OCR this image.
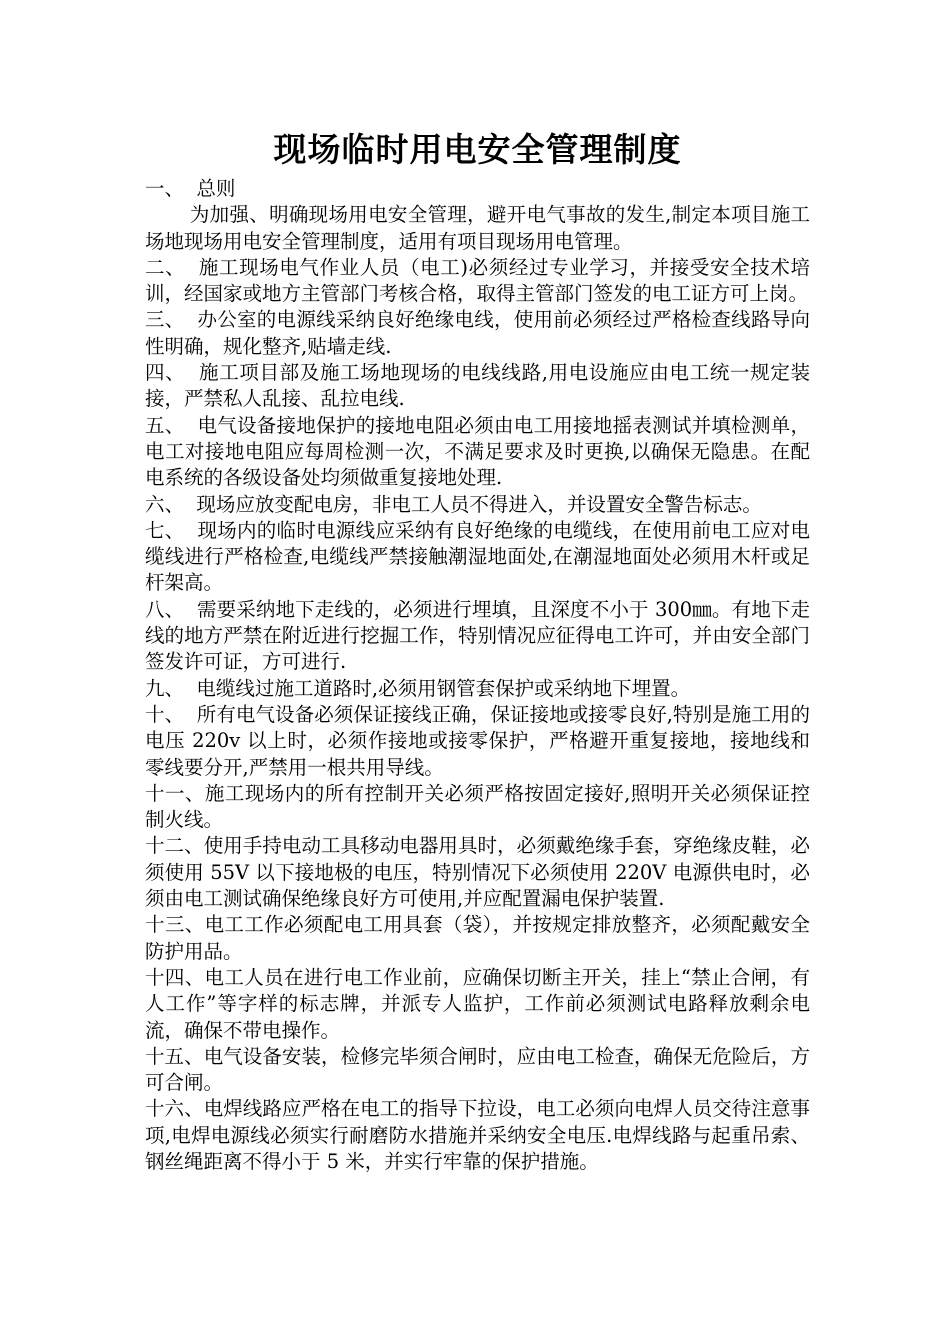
现场临时用电安全管理制度

一、  总则

为加强、明确现场用电安全管理，避开电气事故的发生,制定本项目施工场地现场用电安全管理制度，适用有项目现场用电管理。

二、  施工现场电气作业人员（电工)必须经过专业学习，并接受安全技术培训，经国家或地方主管部门考核合格，取得主管部门签发的电工证方可上岗。

三、  办公室的电源线采纳良好绝缘电线，使用前必须经过严格检查线路导向性明确，规化整齐,贴墙走线.

四、  施工项目部及施工场地现场的电线线路,用电设施应由电工统一规定装接，严禁私人乱接、乱拉电线.

五、  电气设备接地保护的接地电阻必须由电工用接地摇表测试并填检测单，电工对接地电阻应每周检测一次，不满足要求及时更换,以确保无隐患。在配电系统的各级设备处均须做重复接地处理.

六、  现场应放变配电房，非电工人员不得进入，并设置安全警告标志。

七、  现场内的临时电源线应采纳有良好绝缘的电缆线，在使用前电工应对电缆线进行严格检查,电缆线严禁接触潮湿地面处,在潮湿地面处必须用木杆或足杆架高。

八、  需要采纳地下走线的，必须进行埋填，且深度不小于 300㎜。有地下走线的地方严禁在附近进行挖掘工作，特别情况应征得电工许可，并由安全部门签发许可证，方可进行.

九、  电缆线过施工道路时,必须用钢管套保护或采纳地下埋置。

十、  所有电气设备必须保证接线正确，保证接地或接零良好,特别是施工用的电压 220v 以上时，必须作接地或接零保护，严格避开重复接地，接地线和零线要分开,严禁用一根共用导线。

十一、施工现场内的所有控制开关必须严格按固定接好,照明开关必须保证控制火线。

十二、使用手持电动工具移动电器用具时，必须戴绝缘手套，穿绝缘皮鞋，必须使用 55V 以下接地极的电压，特别情况下必须使用 220V 电源供电时，必须由电工测试确保绝缘良好方可使用,并应配置漏电保护装置.

十三、电工工作必须配电工用具套（袋），并按规定排放整齐，必须配戴安全防护用品。

十四、电工人员在进行电工作业前，应确保切断主开关，挂上“禁止合闸，有人工作”等字样的标志牌，并派专人监护，工作前必须测试电路释放剩余电流，确保不带电操作。

十五、电气设备安装，检修完毕须合闸时，应由电工检查，确保无危险后，方可合闸。

十六、电焊线路应严格在电工的指导下拉设，电工必须向电焊人员交待注意事项,电焊电源线必须实行耐磨防水措施并采纳安全电压.电焊线路与起重吊索、钢丝绳距离不得小于 5 米，并实行牢靠的保护措施。
